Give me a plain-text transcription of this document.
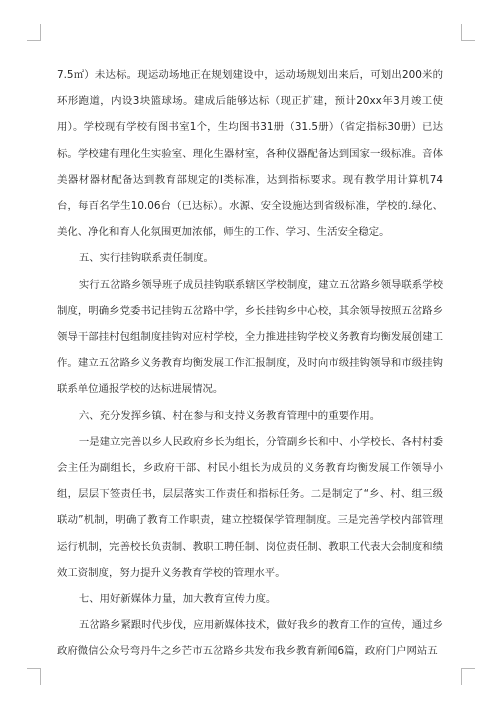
7.5㎡）未达标。现运动场地正在规划建设中，运动场规划出来后，可划出200米的环形跑道，内设3块篮球场。建成后能够达标（现正扩建，预计20xx年3月竣工使用）。学校现有学校有图书室1个，生均图书31册（31.5册）（省定指标30册）已达标。学校建有理化生实验室、理化生器材室，各种仪器配备达到国家一级标准。音体美器材器材配备达到教育部规定的I类标准，达到指标要求。现有教学用计算机74台，每百名学生10.06台（已达标）。水源、安全设施达到省级标准，学校的.绿化、美化、净化和育人化氛围更加浓郁，师生的工作、学习、生活安全稳定。

五、实行挂钩联系责任制度。

实行五岔路乡领导班子成员挂钩联系辖区学校制度，建立五岔路乡领导联系学校制度，明确乡党委书记挂钩五岔路中学，乡长挂钩乡中心校，其余领导按照五岔路乡领导干部挂村包组制度挂钩对应村学校，全力推进挂钩学校义务教育均衡发展创建工作。建立五岔路乡义务教育均衡发展工作汇报制度，及时向市级挂钩领导和市级挂钩联系单位通报学校的达标进展情况。

六、充分发挥乡镇、村在参与和支持义务教育管理中的重要作用。

一是建立完善以乡人民政府乡长为组长，分管副乡长和中、小学校长、各村村委会主任为副组长，乡政府干部、村民小组长为成员的义务教育均衡发展工作领导小组，层层下签责任书，层层落实工作责任和指标任务。二是制定了“乡、村、组三级联动”机制，明确了教育工作职责，建立控辍保学管理制度。三是完善学校内部管理运行机制，完善校长负责制、教职工聘任制、岗位责任制、教职工代表大会制度和绩效工资制度，努力提升义务教育学校的管理水平。

七、用好新媒体力量，加大教育宣传力度。

五岔路乡紧跟时代步伐，应用新媒体技术，做好我乡的教育工作的宣传，通过乡政府微信公众号弯丹牛之乡芒市五岔路乡共发布我乡教育新闻6篇，政府门户网站五
